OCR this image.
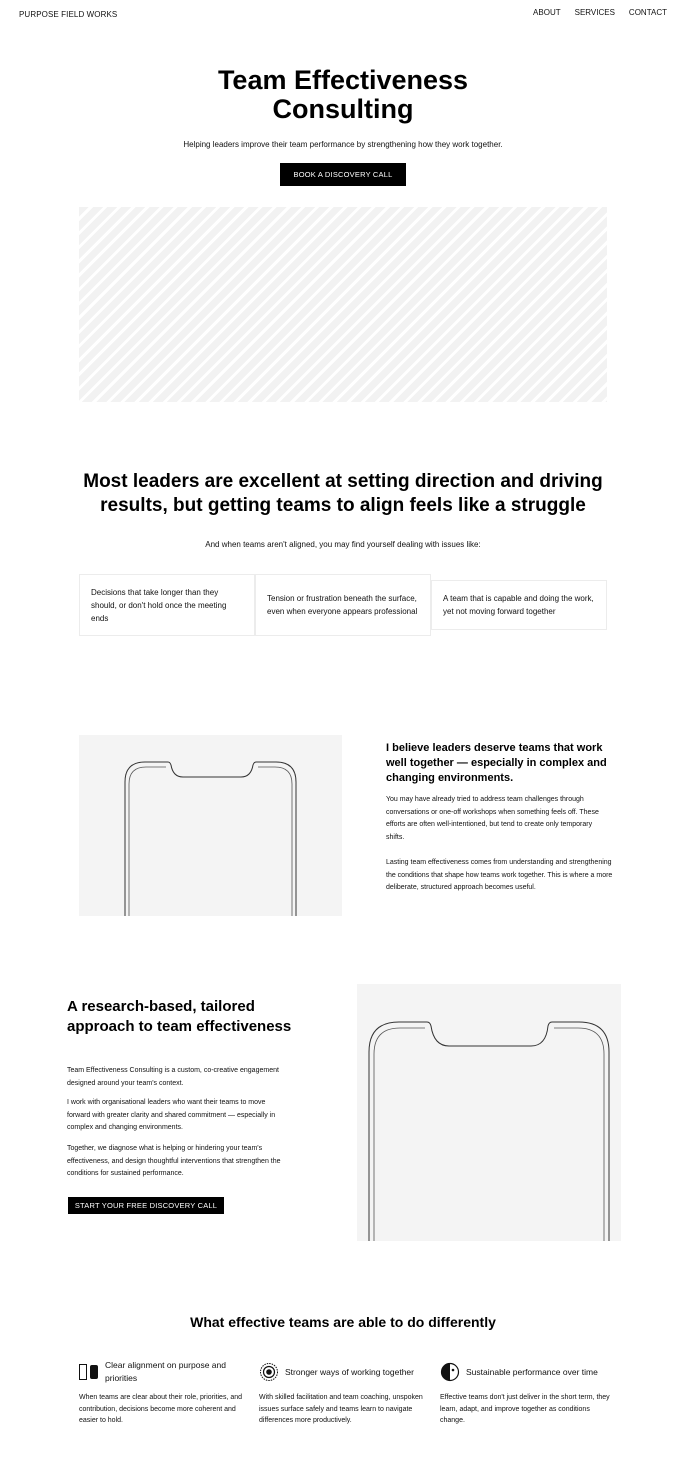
PURPOSE FIELD WORKS	ABOUT SERVICES CONTACT
Team Effectiveness
Consulting
Helping leaders improve their team performance by strengthening how they work together.
BOOK A DISCOVERY CALL
Most leaders are excellent at setting direction and driving results, but getting teams to align feels like a struggle
And when teams aren't aligned, you may find yourself dealing with issues like:
Decisions that take longer than they should, or don't hold once the meeting ends
Tension or frustration beneath the surface, even when everyone appears professional
A team that is capable and doing the work, yet not moving forward together
I believe leaders deserve teams that work well together — especially in complex and changing environments.
You may have already tried to address team challenges through conversations or one-off workshops when something feels off. These efforts are often well-intentioned, but tend to create only temporary shifts.
Lasting team effectiveness comes from understanding and strengthening the conditions that shape how teams work together. This is where a more deliberate, structured approach becomes useful.
A research-based, tailored approach to team effectiveness
Team Effectiveness Consulting is a custom, co-creative engagement designed around your team's context.
I work with organisational leaders who want their teams to move forward with greater clarity and shared commitment — especially in complex and changing environments.
Together, we diagnose what is helping or hindering your team's effectiveness, and design thoughtful interventions that strengthen the conditions for sustained performance.
START YOUR FREE DISCOVERY CALL
What effective teams are able to do differently
Clear alignment on purpose and priorities
When teams are clear about their role, priorities, and contribution, decisions become more coherent and easier to hold.
Stronger ways of working together
With skilled facilitation and team coaching, unspoken issues surface safely and teams learn to navigate differences more productively.
Sustainable performance over time
Effective teams don't just deliver in the short term, they learn, adapt, and improve together as conditions change.
